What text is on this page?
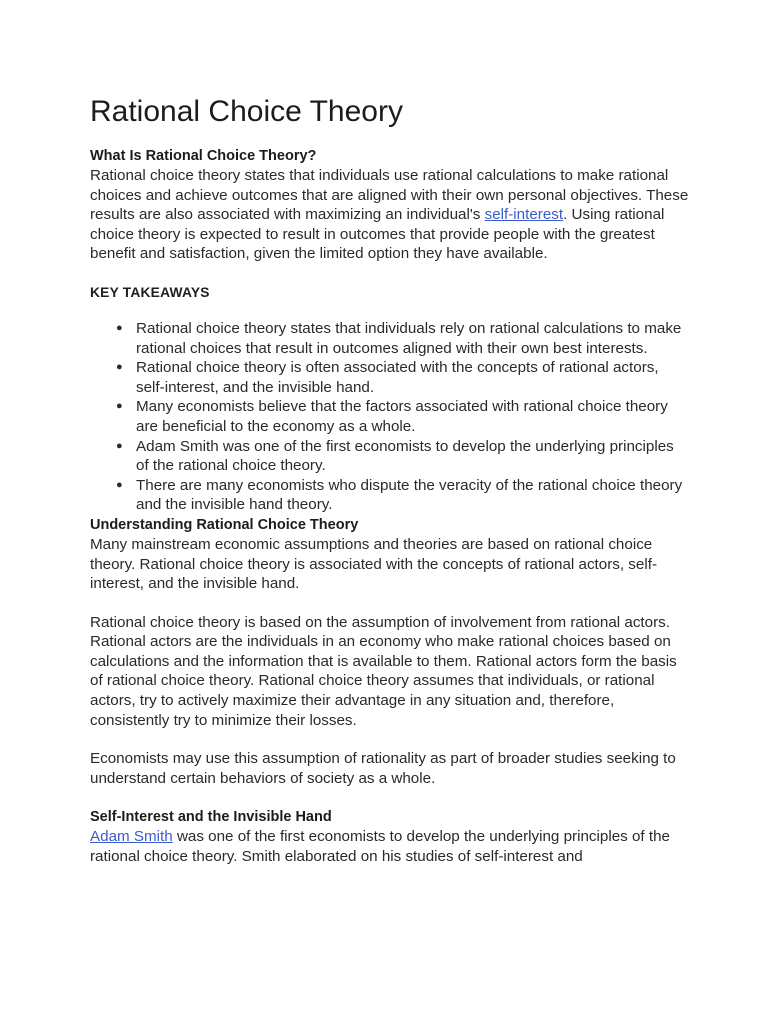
Rational Choice Theory
What Is Rational Choice Theory?

Rational choice theory states that individuals use rational calculations to make rational choices and achieve outcomes that are aligned with their own personal objectives. These results are also associated with maximizing an individual's self-interest. Using rational choice theory is expected to result in outcomes that provide people with the greatest benefit and satisfaction, given the limited option they have available.

KEY TAKEAWAYS
● Rational choice theory states that individuals rely on rational calculations to make rational choices that result in outcomes aligned with their own best interests.
● Rational choice theory is often associated with the concepts of rational actors, self-interest, and the invisible hand.
● Many economists believe that the factors associated with rational choice theory are beneficial to the economy as a whole.
● Adam Smith was one of the first economists to develop the underlying principles of the rational choice theory.
● There are many economists who dispute the veracity of the rational choice theory and the invisible hand theory.
Understanding Rational Choice Theory

Many mainstream economic assumptions and theories are based on rational choice theory. Rational choice theory is associated with the concepts of rational actors, self-interest, and the invisible hand.

Rational choice theory is based on the assumption of involvement from rational actors. Rational actors are the individuals in an economy who make rational choices based on calculations and the information that is available to them. Rational actors form the basis of rational choice theory. Rational choice theory assumes that individuals, or rational actors, try to actively maximize their advantage in any situation and, therefore, consistently try to minimize their losses.

Economists may use this assumption of rationality as part of broader studies seeking to understand certain behaviors of society as a whole.

Self-Interest and the Invisible Hand

Adam Smith was one of the first economists to develop the underlying principles of the rational choice theory. Smith elaborated on his studies of self-interest and
